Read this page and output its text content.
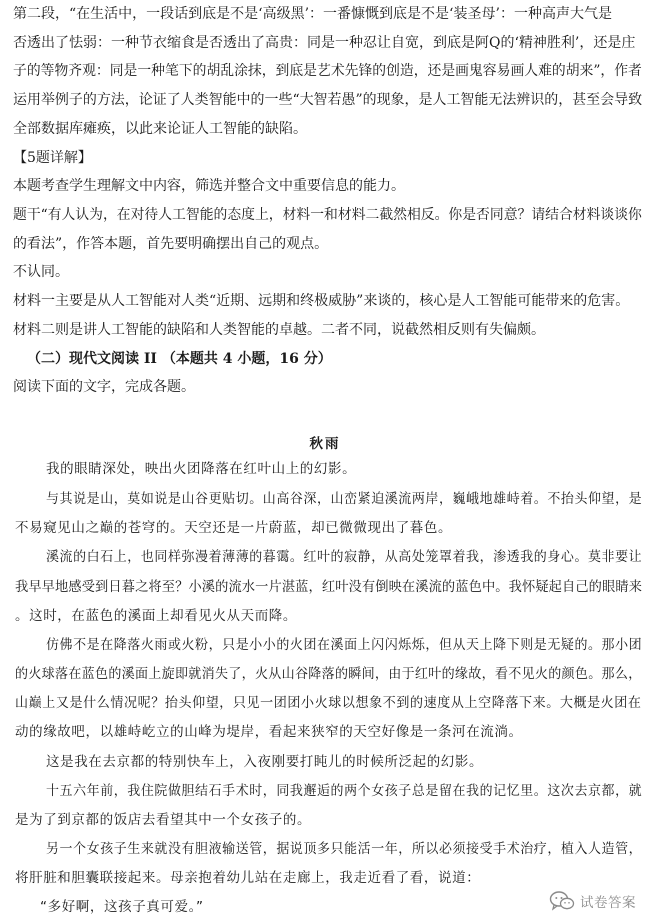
第二段，“在生活中，一段话到底是不是‘高级黑’：一番慷慨到底是不是‘装圣母’：一种高声大气是
否透出了怯弱：一种节衣缩食是否透出了高贵：同是一种忍让自宽，到底是阿Q的‘精神胜利’，还是庄
子的等物齐观：同是一种笔下的胡乱涂抹，到底是艺术先锋的创造，还是画鬼容易画人难的胡来”，作者
运用举例子的方法，论证了人类智能中的一些“大智若愚”的现象，是人工智能无法辨识的，甚至会导致
全部数据库瘫痪，以此来论证人工智能的缺陷。
【5题详解】
本题考查学生理解文中内容，筛选并整合文中重要信息的能力。
题干“有人认为，在对待人工智能的态度上，材料一和材料二截然相反。你是否同意？请结合材料谈谈你
的看法”，作答本题，首先要明确摆出自己的观点。
不认同。
材料一主要是从人工智能对人类“近期、远期和终极威胁”来谈的，核心是人工智能可能带来的危害。
材料二则是讲人工智能的缺陷和人类智能的卓越。二者不同，说截然相反则有失偏颇。
（二）现代文阅读 II （本题共 4 小题，16 分）
阅读下面的文字，完成各题。
秋雨
我的眼睛深处，映出火团降落在红叶山上的幻影。
与其说是山，莫如说是山谷更贴切。山高谷深，山峦紧迫溪流两岸，巍峨地雄峙着。不抬头仰望，是
不易窥见山之巅的苍穹的。天空还是一片蔚蓝，却已微微现出了暮色。
溪流的白石上，也同样弥漫着薄薄的暮霭。红叶的寂静，从高处笼罩着我，渗透我的身心。莫非要让
我早早地感受到日暮之将至？小溪的流水一片湛蓝，红叶没有倒映在溪流的蓝色中。我怀疑起自己的眼睛来
。这时，在蓝色的溪面上却看见火从天而降。
仿佛不是在降落火雨或火粉，只是小小的火团在溪面上闪闪烁烁，但从天上降下则是无疑的。那小团
的火球落在蓝色的溪面上旋即就消失了，火从山谷降落的瞬间，由于红叶的缘故，看不见火的颜色。那么，
山巅上又是什么情况呢？抬头仰望，只见一团团小火球以想象不到的速度从上空降落下来。大概是火团在
动的缘故吧，以雄峙屹立的山峰为堤岸，看起来狭窄的天空好像是一条河在流淌。
这是我在去京都的特别快车上，入夜刚要打盹儿的时候所泛起的幻影。
十五六年前，我住院做胆结石手术时，同我邂逅的两个女孩子总是留在我的记忆里。这次去京都，就
是为了到京都的饭店去看望其中一个女孩子的。
另一个女孩子生来就没有胆液输送管，据说顶多只能活一年，所以必须接受手术治疗，植入人造管，
将肝脏和胆囊联接起来。母亲抱着幼儿站在走廊上，我走近看了看，说道：
“多好啊，这孩子真可爱。”	试卷答案
